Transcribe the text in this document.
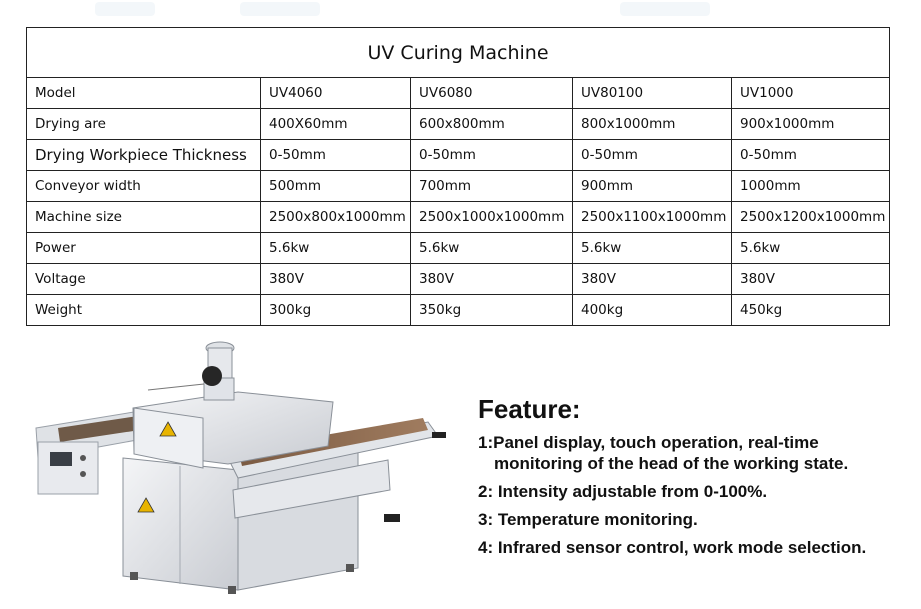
UV Curing Machine				
Model	UV4060	UV6080	UV80100	UV1000
Drying are	400X60mm	600x800mm	800x1000mm	900x1000mm
Drying Workpiece Thickness	0-50mm	0-50mm	0-50mm	0-50mm
Conveyor width	500mm	700mm	900mm	1000mm
Machine size	2500x800x1000mm	2500x1000x1000mm	2500x1100x1000mm	2500x1200x1000mm
Power	5.6kw	5.6kw	5.6kw	5.6kw
Voltage	380V	380V	380V	380V
Weight	300kg	350kg	400kg	450kg
Feature:
1:Panel display, touch operation, real-time
monitoring of the head of the working state.
2: Intensity adjustable from 0-100%.
3: Temperature monitoring.
4: Infrared sensor control, work mode selection.
